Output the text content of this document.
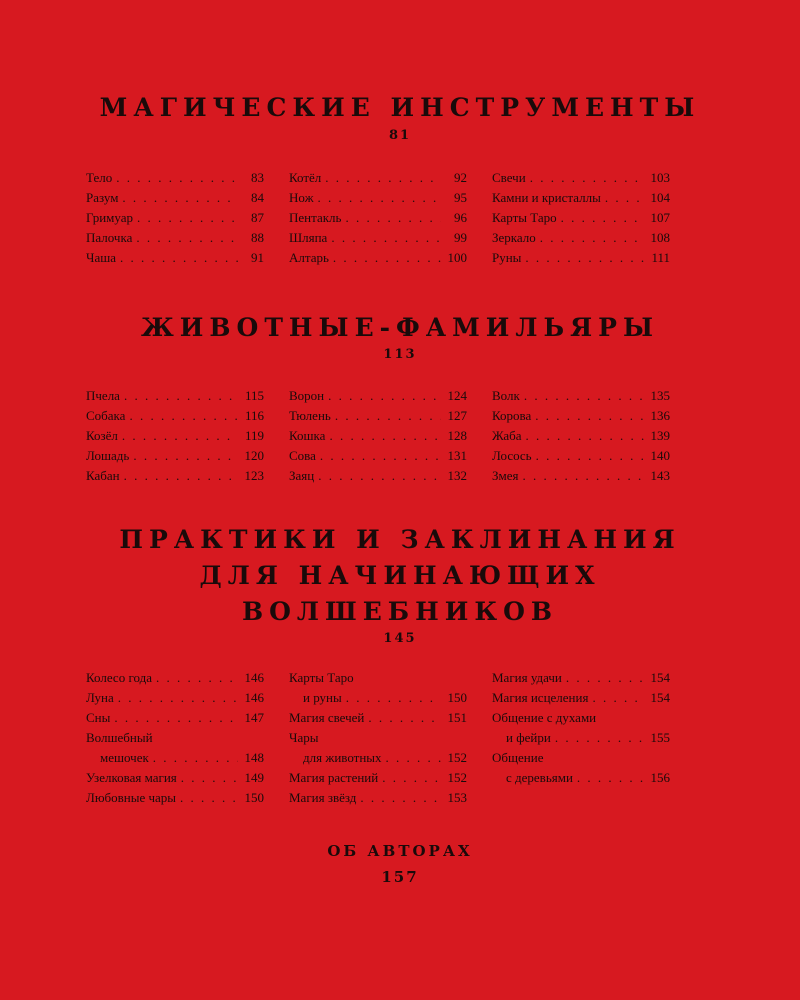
МАГИЧЕСКИЕ ИНСТРУМЕНТЫ
81
Тело . . .	83
Разум . . .	84
Гримуар . . .	87
Палочка . . .	88
Чаша . . .	91
Котёл . . .	92
Нож . . .	95
Пентакль . . .	96
Шляпа . . .	99
Алтарь . . .	100
Свечи . . .	103
Камни и кристаллы . . .	104
Карты Таро . . .	107
Зеркало . . .	108
Руны . . .	111
ЖИВОТНЫЕ-ФАМИЛЬЯРЫ
113
Пчела . . .	115
Собака . . .	116
Козёл . . .	119
Лошадь . . .	120
Кабан . . .	123
Ворон . . .	124
Тюлень . . .	127
Кошка . . .	128
Сова . . .	131
Заяц . . .	132
Волк . . .	135
Корова . . .	136
Жаба . . .	139
Лосось . . .	140
Змея . . .	143
ПРАКТИКИ И ЗАКЛИНАНИЯ
ДЛЯ НАЧИНАЮЩИХ
ВОЛШЕБНИКОВ
145
Колесо года . . .	146
Луна . . .	146
Сны . . .	147
Волшебный
мешочек . . .	148
Узелковая магия . . .	149
Любовные чары . . .	150
Карты Таро
и руны . . .	150
Магия свечей . . .	151
Чары
для животных . . .	152
Магия растений . . .	152
Магия звёзд . . .	153
Магия удачи . . .	154
Магия исцеления . . .	154
Общение с духами
и фейри . . .	155
Общение
с деревьями . . .	156
ОБ АВТОРАХ
157
